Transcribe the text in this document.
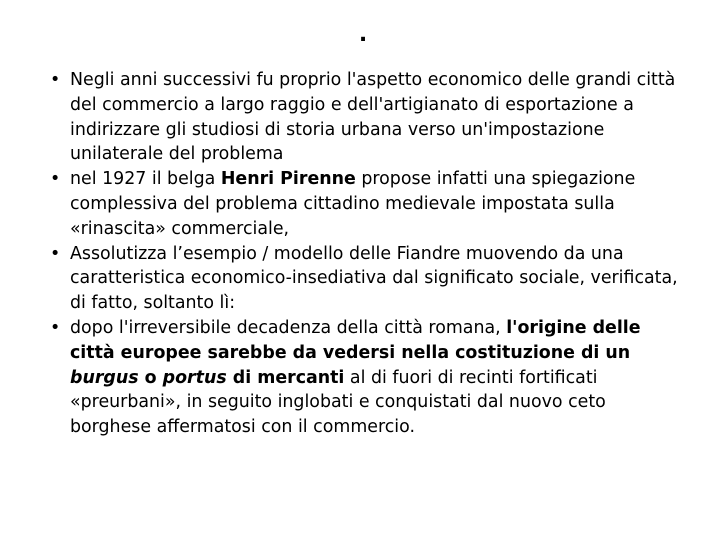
.
• Negli anni successivi fu proprio l'aspetto economico delle grandi città del commercio a largo raggio e dell'artigianato di esportazione a indirizzare gli studiosi di storia urbana verso un'impostazione unilaterale del problema
• nel 1927 il belga Henri Pirenne propose infatti una spiegazione complessiva del problema cittadino medievale impostata sulla «rinascita» commerciale,
• Assolutizza l’esempio / modello delle Fiandre muovendo da una caratteristica economico-insediativa dal significato sociale, verificata, di fatto, soltanto lì:
• dopo l'irreversibile decadenza della città romana, l'origine delle città europee sarebbe da vedersi nella costituzione di un burgus o portus di mercanti al di fuori di recinti fortificati «preurbani», in seguito inglobati e conquistati dal nuovo ceto borghese affermatosi con il commercio.
